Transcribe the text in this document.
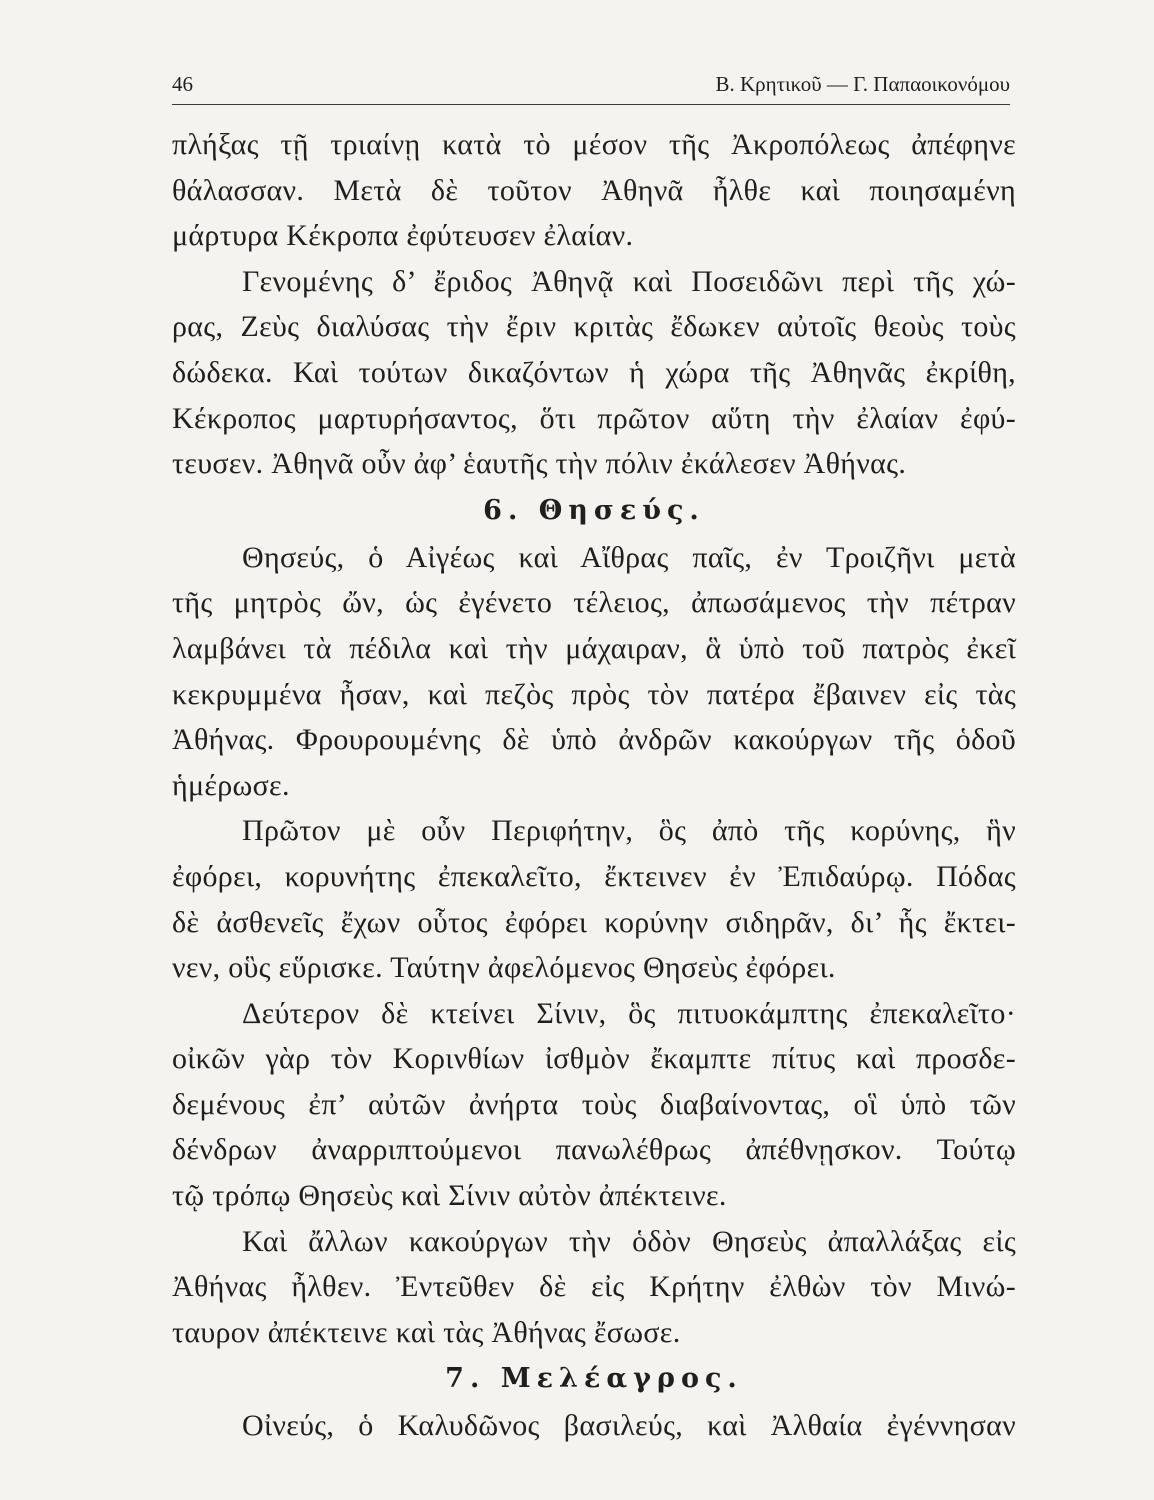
46	Β. Κρητικοῦ — Γ. Παπαοικονόμου
πλήξας τῇ τριαίνῃ κατὰ τὸ μέσον τῆς Ἀκροπόλεως ἀπέφηνε
θάλασσαν. Μετὰ δὲ τοῦτον Ἀθηνᾶ ἦλθε καὶ ποιησαμένη
μάρτυρα Κέκροπα ἐφύτευσεν ἐλαίαν.
Γενομένης δ’ ἔριδος Ἀθηνᾷ καὶ Ποσειδῶνι περὶ τῆς χώ-
ρας, Ζεὺς διαλύσας τὴν ἔριν κριτὰς ἔδωκεν αὐτοῖς θεοὺς τοὺς
δώδεκα. Καὶ τούτων δικαζόντων ἡ χώρα τῆς Ἀθηνᾶς ἐκρίθη,
Κέκροπος μαρτυρήσαντος, ὅτι πρῶτον αὕτη τὴν ἐλαίαν ἐφύ-
τευσεν. Ἀθηνᾶ οὖν ἀφ’ ἑαυτῆς τὴν πόλιν ἐκάλεσεν Ἀθήνας.
6. Θησεύς.
Θησεύς, ὁ Αἰγέως καὶ Αἴθρας παῖς, ἐν Τροιζῆνι μετὰ
τῆς μητρὸς ὤν, ὡς ἐγένετο τέλειος, ἀπωσάμενος τὴν πέτραν
λαμβάνει τὰ πέδιλα καὶ τὴν μάχαιραν, ἃ ὑπὸ τοῦ πατρὸς ἐκεῖ
κεκρυμμένα ἦσαν, καὶ πεζὸς πρὸς τὸν πατέρα ἔβαινεν εἰς τὰς
Ἀθήνας. Φρουρουμένης δὲ ὑπὸ ἀνδρῶν κακούργων τῆς ὁδοῦ
ἡμέρωσε.
Πρῶτον μὲ οὖν Περιφήτην, ὃς ἀπὸ τῆς κορύνης, ἣν
ἐφόρει, κορυνήτης ἐπεκαλεῖτο, ἔκτεινεν ἐν Ἐπιδαύρῳ. Πόδας
δὲ ἀσθενεῖς ἔχων οὗτος ἐφόρει κορύνην σιδηρᾶν, δι’ ἧς ἔκτει-
νεν, οὓς εὕρισκε. Ταύτην ἀφελόμενος Θησεὺς ἐφόρει.
Δεύτερον δὲ κτείνει Σίνιν, ὃς πιτυοκάμπτης ἐπεκαλεῖτο·
οἰκῶν γὰρ τὸν Κορινθίων ἰσθμὸν ἔκαμπτε πίτυς καὶ προσδε-
δεμένους ἐπ’ αὐτῶν ἀνήρτα τοὺς διαβαίνοντας, οἳ ὑπὸ τῶν
δένδρων ἀναρριπτούμενοι πανωλέθρως ἀπέθνῃσκον. Τούτῳ
τῷ τρόπῳ Θησεὺς καὶ Σίνιν αὐτὸν ἀπέκτεινε.
Καὶ ἄλλων κακούργων τὴν ὁδὸν Θησεὺς ἀπαλλάξας εἰς
Ἀθήνας ἦλθεν. Ἐντεῦθεν δὲ εἰς Κρήτην ἐλθὼν τὸν Μινώ-
ταυρον ἀπέκτεινε καὶ τὰς Ἀθήνας ἔσωσε.
7. Μελέαγρος.
Οἰνεύς, ὁ Καλυδῶνος βασιλεύς, καὶ Ἀλθαία ἐγέννησαν
